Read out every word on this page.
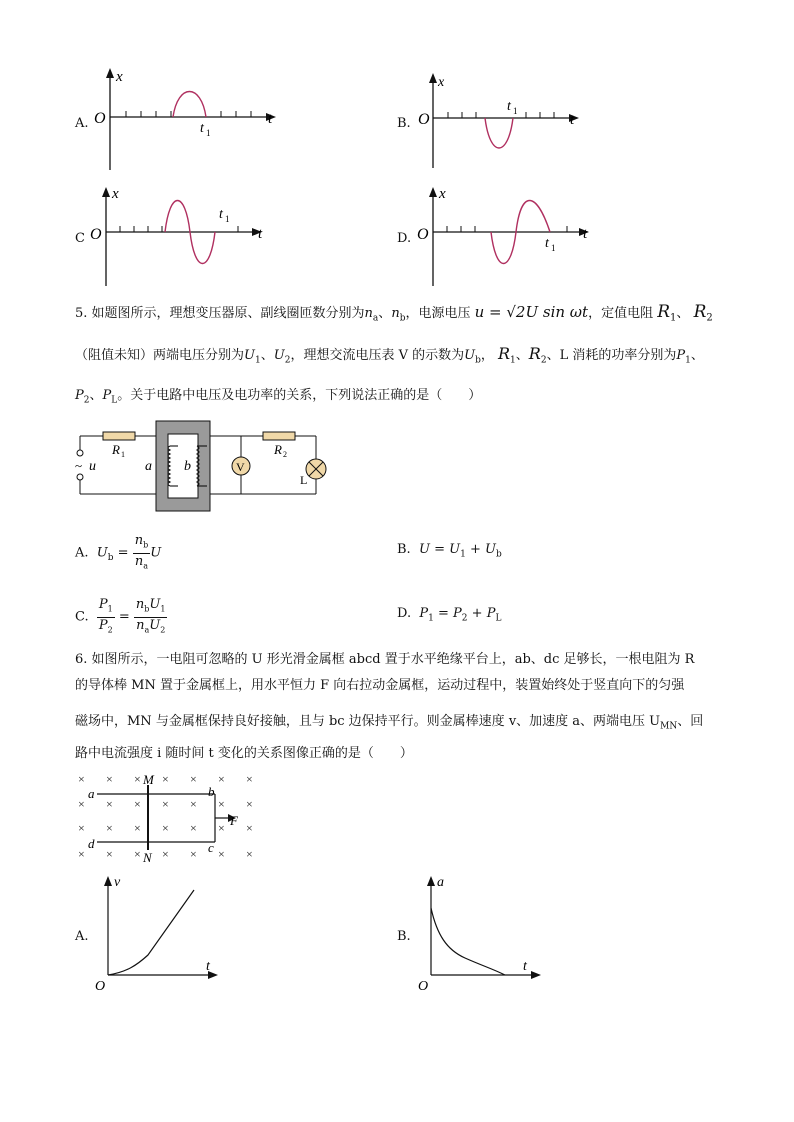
A.	B.
C	D.
x
O	t
t 1
x
O	t
t 1
x
O	t
t 1
x
O	t
t 1
5. 如题图所示，理想变压器原、副线圈匝数分别为$n_a$、$n_b$，电源电压 u = √2U sin ωt，定值电阻 $R_1$、 $R_2$
（阻值未知）两端电压分别为$U_1$、$U_2$，理想交流电压表 V 的示数为$U_b$， $R_1$、$R_2$、L 消耗的功率分别为$P_1$、
$P_2$、$P_L$。关于电路中电压及电功率的关系，下列说法正确的是（　　）
V
R 1	R 2
~ u	a b
L
A. $U_b = \frac{n_b}{n_a}$ U	B. $U = U_1 + U_b$
C. $\frac{P_1}{P_2} = \frac{n_bU_1}{n_aU_2}$	D. $P_1 = P_2 + P_L$
6. 如图所示，一电阻可忽略的 U 形光滑金属框 abcd 置于水平绝缘平台上，ab、dc 足够长，一根电阻为 R
的导体棒 MN 置于金属框上，用水平恒力 F 向右拉动金属框，运动过程中，装置始终处于竖直向下的匀强
磁场中，MN 与金属框保持良好接触，且与 bc 边保持平行。则金属棒速度 v、加速度 a、两端电压 $U_{MN}$、回
路中电流强度 i 随时间 t 变化的关系图像正确的是（　　）
× × × × × × ×
× × × × × × ×
× × × × × × ×
× × × × × × ×
M
N
a
d
b
c
F
A.
v
t
O
B.
a
t
O
